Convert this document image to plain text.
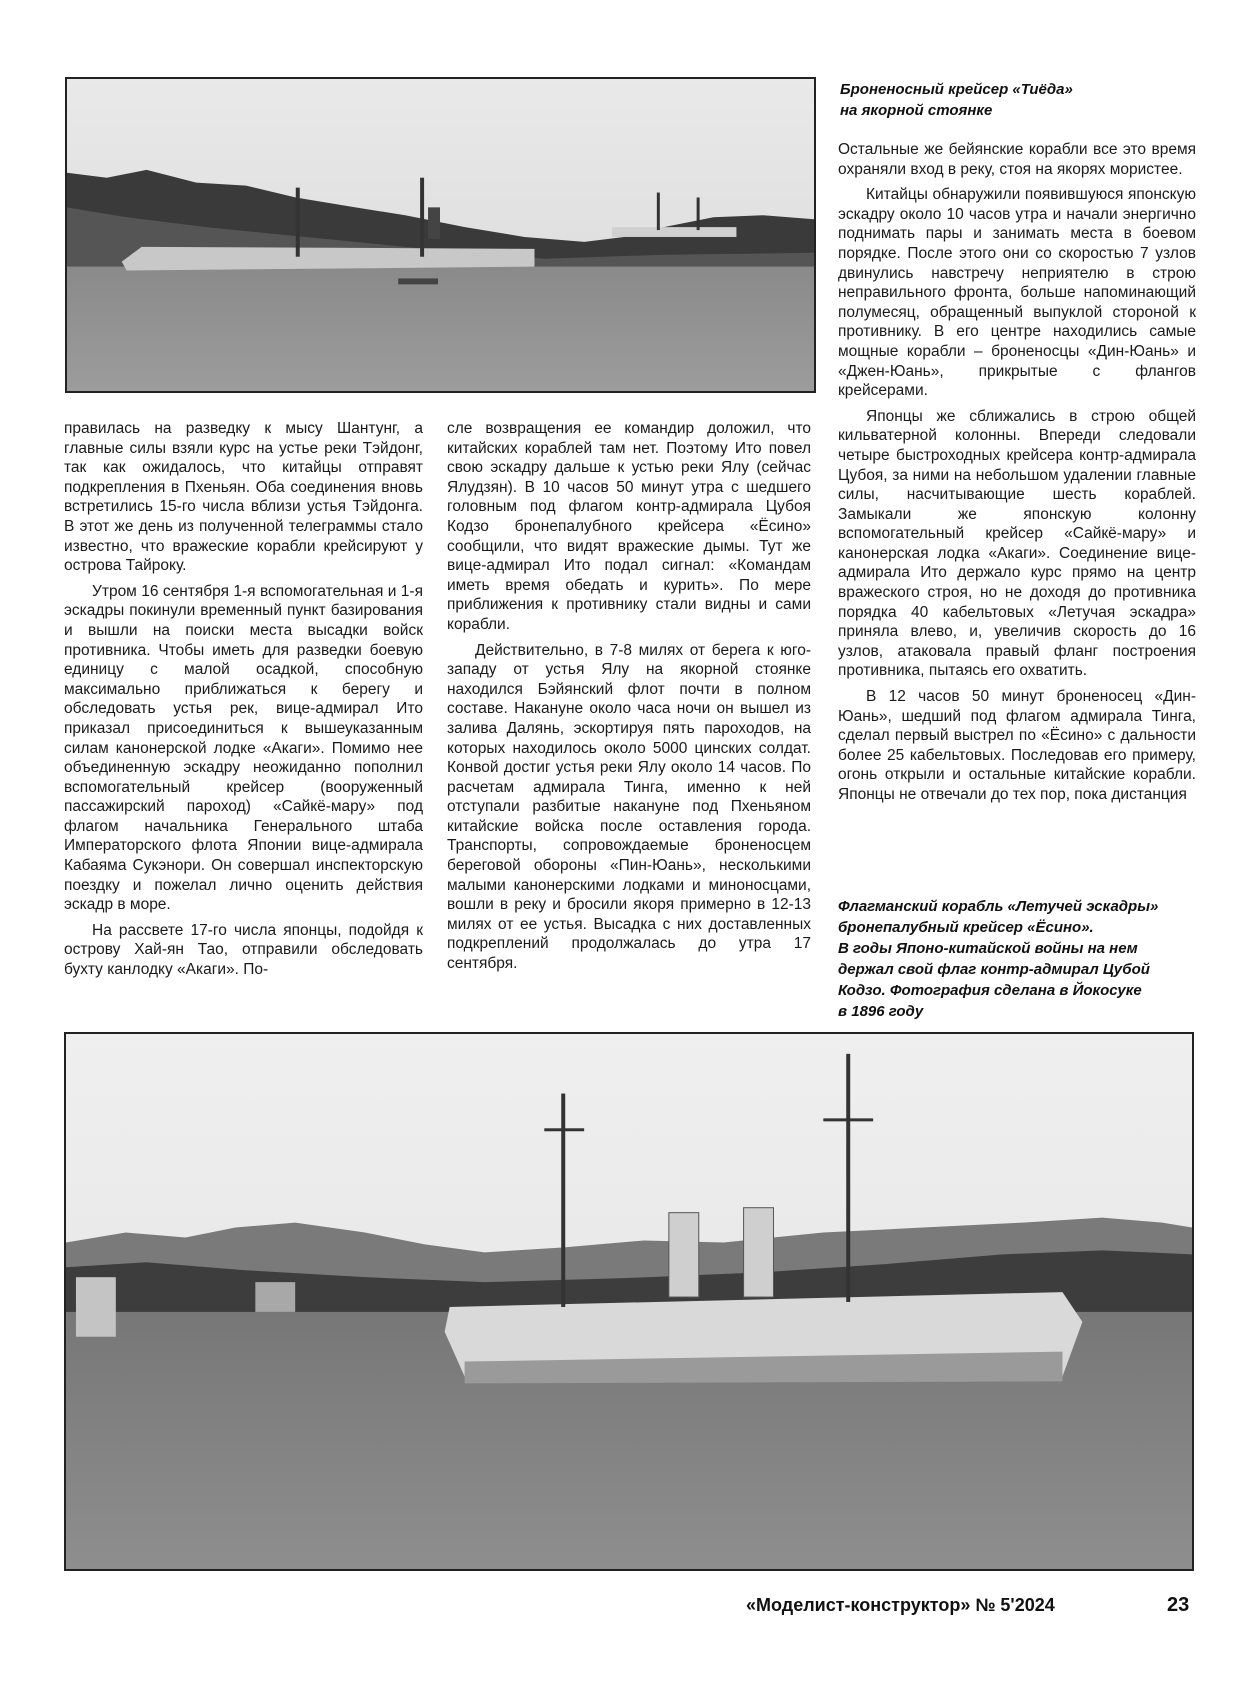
Броненосный крейсер «Тиёда»
на якорной стоянке

правилась на разведку к мысу Шантунг, а главные силы взяли курс на устье реки Тэйдонг, так как ожидалось, что китайцы отправят подкрепления в Пхеньян. Оба соединения вновь встретились 15-го числа вблизи устья Тэйдонга. В этот же день из полученной телеграммы стало известно, что вражеские корабли крейсируют у острова Тайроку.

Утром 16 сентября 1-я вспомогательная и 1-я эскадры покинули временный пункт базирования и вышли на поиски места высадки войск противника. Чтобы иметь для разведки боевую единицу с малой осадкой, способную максимально приближаться к берегу и обследовать устья рек, вице-адмирал Ито приказал присоединиться к вышеуказанным силам канонерской лодке «Акаги». Помимо нее объединенную эскадру неожиданно пополнил вспомогательный крейсер (вооруженный пассажирский пароход) «Сайкё-мару» под флагом начальника Генерального штаба Императорского флота Японии вице-адмирала Кабаяма Сукэнори. Он совершал инспекторскую поездку и пожелал лично оценить действия эскадр в море.

На рассвете 17-го числа японцы, подойдя к острову Хай-ян Тао, отправили обследовать бухту канлодку «Акаги». По-

сле возвращения ее командир доложил, что китайских кораблей там нет. Поэтому Ито повел свою эскадру дальше к устью реки Ялу (сейчас Ялудзян). В 10 часов 50 минут утра с шедшего головным под флагом контр-адмирала Цубоя Кодзо бронепалубного крейсера «Ёсино» сообщили, что видят вражеские дымы. Тут же вице-адмирал Ито подал сигнал: «Командам иметь время обедать и курить». По мере приближения к противнику стали видны и сами корабли.

Действительно, в 7-8 милях от берега к юго-западу от устья Ялу на якорной стоянке находился Бэйянский флот почти в полном составе. Накануне около часа ночи он вышел из залива Далянь, эскортируя пять пароходов, на которых находилось около 5000 цинских солдат. Конвой достиг устья реки Ялу около 14 часов. По расчетам адмирала Тинга, именно к ней отступали разбитые накануне под Пхеньяном китайские войска после оставления города. Транспорты, сопровождаемые броненосцем береговой обороны «Пин-Юань», несколькими малыми канонерскими лодками и миноносцами, вошли в реку и бросили якоря примерно в 12-13 милях от ее устья. Высадка с них доставленных подкреплений продолжалась до утра 17 сентября.

Остальные же бейянские корабли все это время охраняли вход в реку, стоя на якорях мористее.

Китайцы обнаружили появившуюся японскую эскадру около 10 часов утра и начали энергично поднимать пары и занимать места в боевом порядке. После этого они со скоростью 7 узлов двинулись навстречу неприятелю в строю неправильного фронта, больше напоминающий полумесяц, обращенный выпуклой стороной к противнику. В его центре находились самые мощные корабли – броненосцы «Дин-Юань» и «Джен-Юань», прикрытые с флангов крейсерами.

Японцы же сближались в строю общей кильватерной колонны. Впереди следовали четыре быстроходных крейсера контр-адмирала Цубоя, за ними на небольшом удалении главные силы, насчитывающие шесть кораблей. Замыкали же японскую колонну вспомогательный крейсер «Сайкё-мару» и канонерская лодка «Акаги». Соединение вице-адмирала Ито держало курс прямо на центр вражеского строя, но не доходя до противника порядка 40 кабельтовых «Летучая эскадра» приняла влево, и, увеличив скорость до 16 узлов, атаковала правый фланг построения противника, пытаясь его охватить.

В 12 часов 50 минут броненосец «Дин-Юань», шедший под флагом адмирала Тинга, сделал первый выстрел по «Ёсино» с дальности более 25 кабельтовых. Последовав его примеру, огонь открыли и остальные китайские корабли. Японцы не отвечали до тех пор, пока дистанция

Флагманский корабль «Летучей эскадры»
бронепалубный крейсер «Ёсино».
В годы Японо-китайской войны на нем
держал свой флаг контр-адмирал Цубой
Кодзо. Фотография сделана в Йокосуке
в 1896 году
«Моделист-конструктор» № 5'2024	23
